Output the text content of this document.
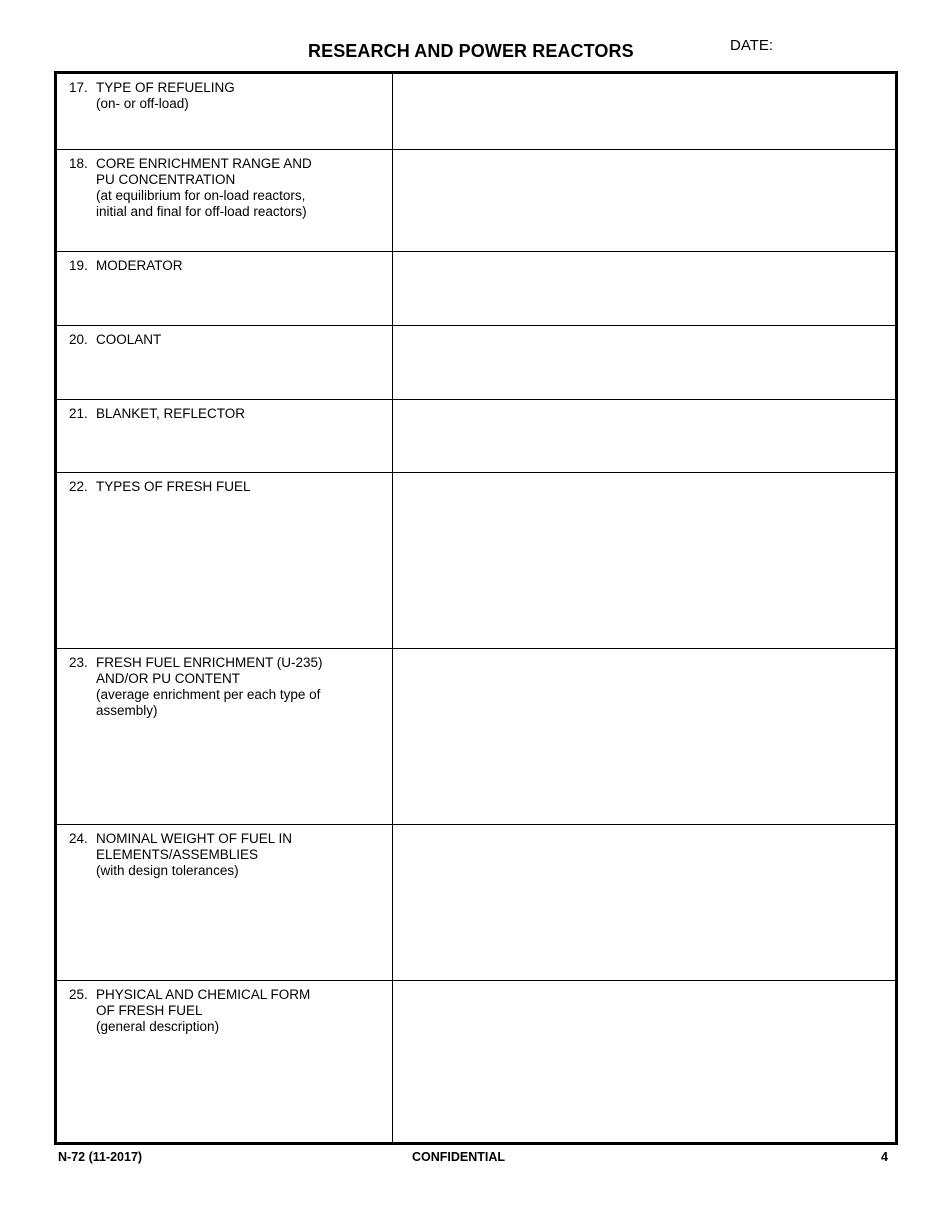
RESEARCH AND POWER REACTORS	DATE:
17. TYPE OF REFUELING
(on- or off-load)
18. CORE ENRICHMENT RANGE AND
PU CONCENTRATION
(at equilibrium for on-load reactors,
initial and final for off-load reactors)
19. MODERATOR
20. COOLANT
21. BLANKET, REFLECTOR
22. TYPES OF FRESH FUEL
23. FRESH FUEL ENRICHMENT (U-235)
AND/OR PU CONTENT
(average enrichment per each type of
assembly)
24. NOMINAL WEIGHT OF FUEL IN
ELEMENTS/ASSEMBLIES
(with design tolerances)
25. PHYSICAL AND CHEMICAL FORM
OF FRESH FUEL
(general description)
N-72 (11-2017)	CONFIDENTIAL	4
